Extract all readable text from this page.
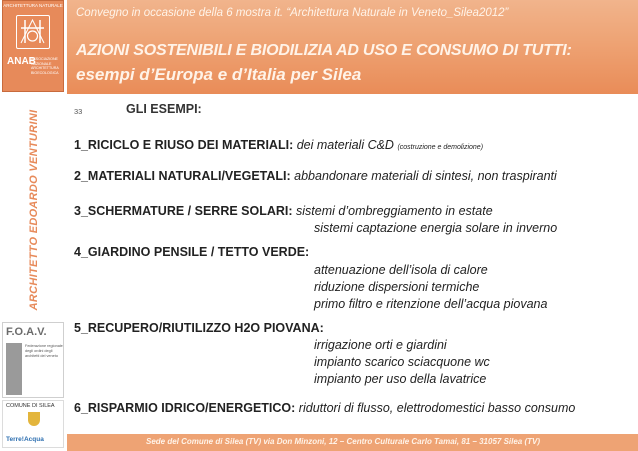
Convegno in occasione della 6 mostra it. “Architettura Naturale in Veneto_Silea2012”
AZIONI SOSTENIBILI E BIODILIZIA AD USO E CONSUMO DI TUTTI:
esempi d’Europa e d’Italia per Silea
ARCHITETTURA NATURALE
ANAB
ASSOCIAZIONE NAZIONALE ARCHITETTURA BIOECOLOGICA
ARCHITETTO EDOARDO VENTURINI
F.O.A.V.
Federazione regionale degli ordini degli architetti del veneto
COMUNE DI SILEA
Terre!Acqua
33	GLI ESEMPI:
1_RICICLO E RIUSO DEI MATERIALI: dei materiali C&D (costruzione e demolizione)
2_MATERIALI NATURALI/VEGETALI: abbandonare materiali di sintesi, non traspiranti
3_SCHERMATURE / SERRE SOLARI: sistemi d’ombreggiamento in estate
sistemi captazione energia solare in inverno
4_GIARDINO PENSILE / TETTO VERDE:
attenuazione dell’isola di calore
riduzione dispersioni termiche
primo filtro e ritenzione dell’acqua piovana
5_RECUPERO/RIUTILIZZO H2O PIOVANA:
irrigazione orti e giardini
impianto scarico sciacquone wc
impianto per uso della lavatrice
6_RISPARMIO IDRICO/ENERGETICO: riduttori di flusso, elettrodomestici basso consumo
Sede del Comune di Silea (TV) via Don Minzoni, 12 – Centro Culturale Carlo Tamai, 81 – 31057 Silea (TV)
